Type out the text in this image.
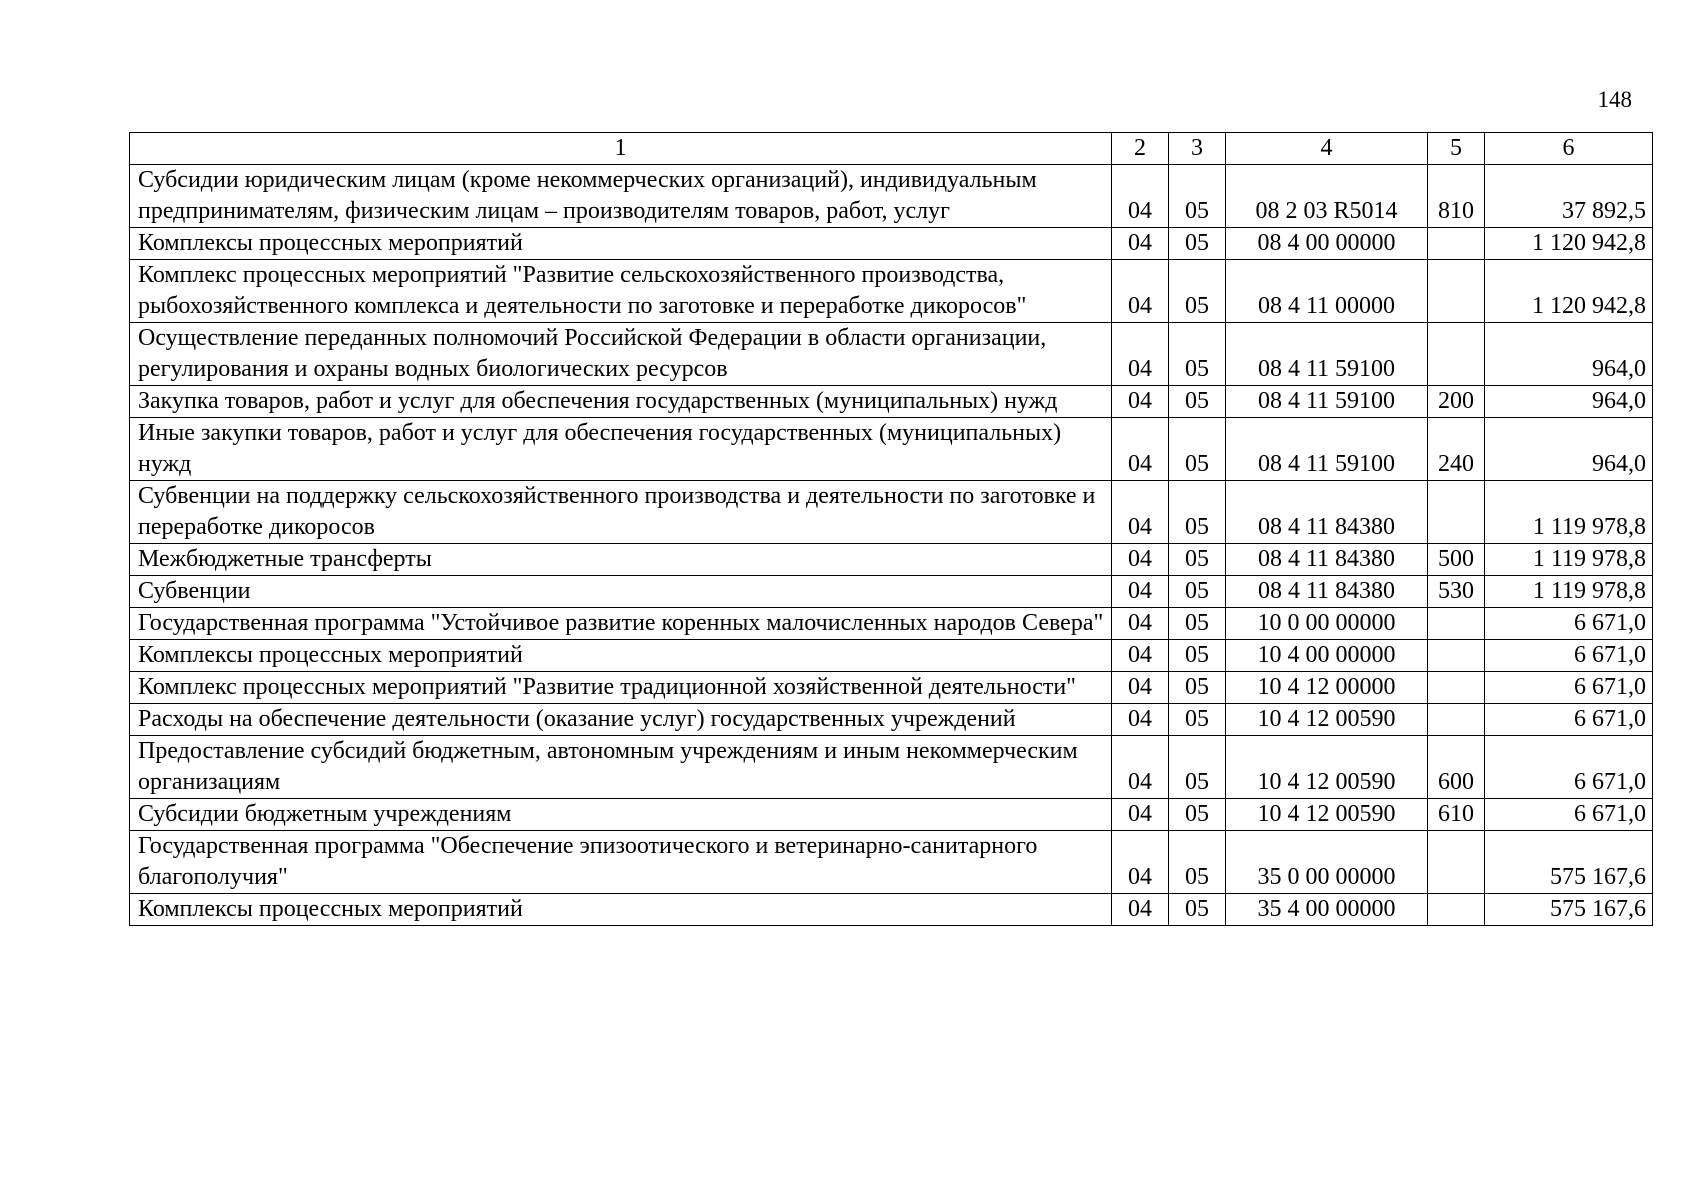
148
1	2	3	4	5	6
Субсидии юридическим лицам (кроме некоммерческих организаций), индивидуальным предпринимателям, физическим лицам – производителям товаров, работ, услуг	04	05	08 2 03 R5014	810	37 892,5
Комплексы процессных мероприятий	04	05	08 4 00 00000		1 120 942,8
Комплекс процессных мероприятий "Развитие сельскохозяйственного производства, рыбохозяйственного комплекса и деятельности по заготовке и переработке дикоросов"	04	05	08 4 11 00000		1 120 942,8
Осуществление переданных полномочий Российской Федерации в области организации, регулирования и охраны водных биологических ресурсов	04	05	08 4 11 59100		964,0
Закупка товаров, работ и услуг для обеспечения государственных (муниципальных) нужд	04	05	08 4 11 59100	200	964,0
Иные закупки товаров, работ и услуг для обеспечения государственных (муниципальных) нужд	04	05	08 4 11 59100	240	964,0
Субвенции на поддержку сельскохозяйственного производства и деятельности по заготовке и переработке дикоросов	04	05	08 4 11 84380		1 119 978,8
Межбюджетные трансферты	04	05	08 4 11 84380	500	1 119 978,8
Субвенции	04	05	08 4 11 84380	530	1 119 978,8
Государственная программа "Устойчивое развитие коренных малочисленных народов Севера"	04	05	10 0 00 00000		6 671,0
Комплексы процессных мероприятий	04	05	10 4 00 00000		6 671,0
Комплекс процессных мероприятий "Развитие традиционной хозяйственной деятельности"	04	05	10 4 12 00000		6 671,0
Расходы на обеспечение деятельности (оказание услуг) государственных учреждений	04	05	10 4 12 00590		6 671,0
Предоставление субсидий бюджетным, автономным учреждениям и иным некоммерческим организациям	04	05	10 4 12 00590	600	6 671,0
Субсидии бюджетным учреждениям	04	05	10 4 12 00590	610	6 671,0
Государственная программа "Обеспечение эпизоотического и ветеринарно-санитарного благополучия"	04	05	35 0 00 00000		575 167,6
Комплексы процессных мероприятий	04	05	35 4 00 00000		575 167,6
